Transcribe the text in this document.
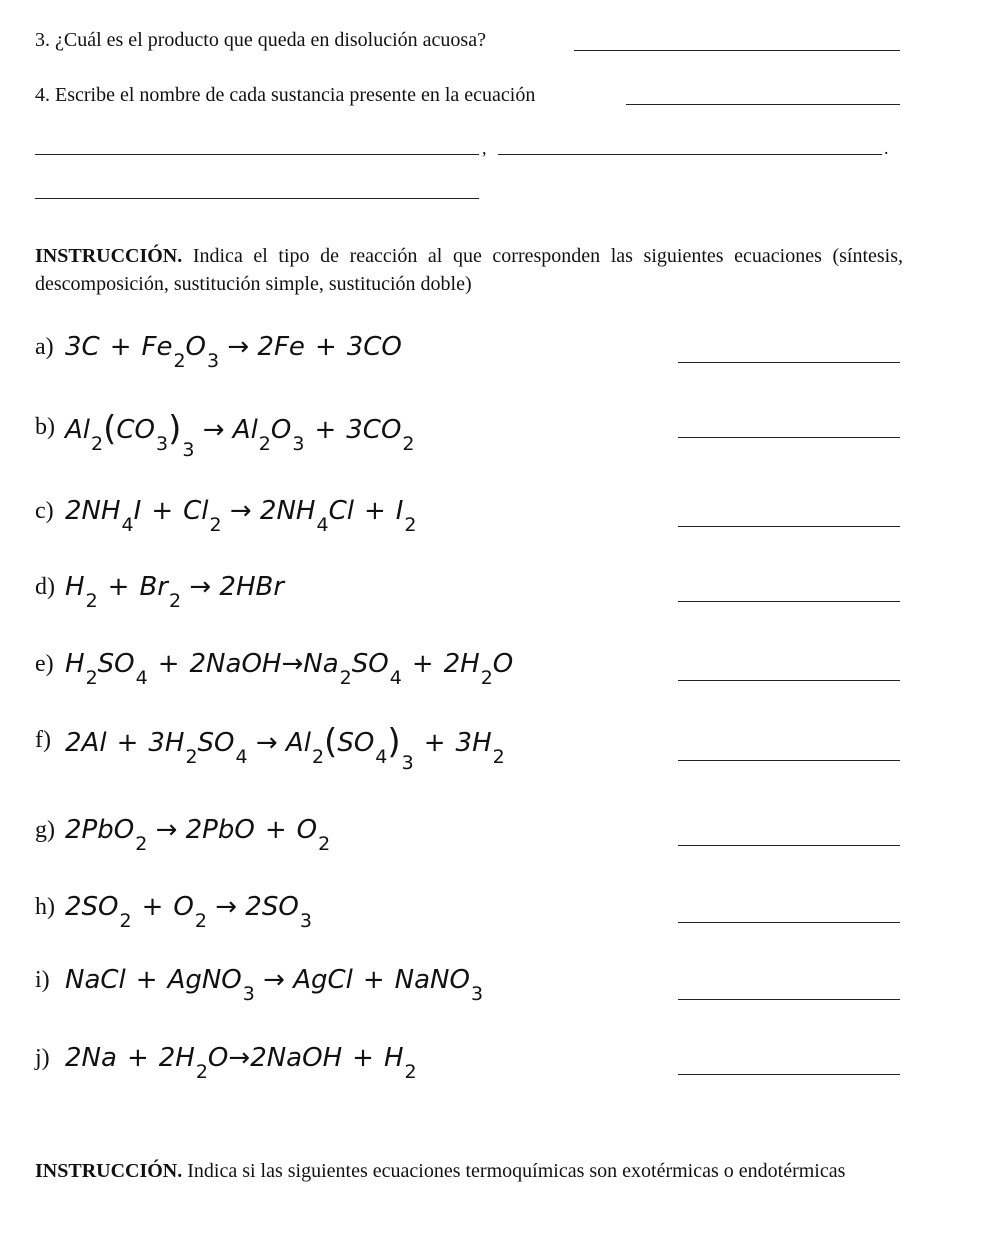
3. ¿Cuál es el producto que queda en disolución acuosa?
4. Escribe el nombre de cada sustancia presente en la ecuación
,	.
INSTRUCCIÓN. Indica el tipo de reacción al que corresponden las siguientes ecuaciones (síntesis, descomposición, sustitución simple, sustitución doble)
a) $3C + Fe_2O_3 \to 2Fe + 3CO$
b) $Al_2(CO_3)_3 \to Al_2O_3 + 3CO_2$
c) $2NH_4I + Cl_2 \to 2NH_4Cl + I_2$
d) $H_2 + Br_2 \to 2HBr$
e) $H_2SO_4$ + $2NaOH\to Na_2SO_4 + 2H_2O$
f) $2Al + 3H_2SO_4 \to Al_2(SO_4)_3+ 3H_2$
g) $2PbO_2 \to 2PbO + O_2$
h) $2SO_2 + O_2 \to 2SO_3$
i) NaCl + AgNO$_3$ → AgCl + NaNO$_3$
j) $2Na + 2H_2O\to 2NaOH + H_2$
INSTRUCCIÓN. Indica si las siguientes ecuaciones termoquímicas son exotérmicas o endotérmicas
